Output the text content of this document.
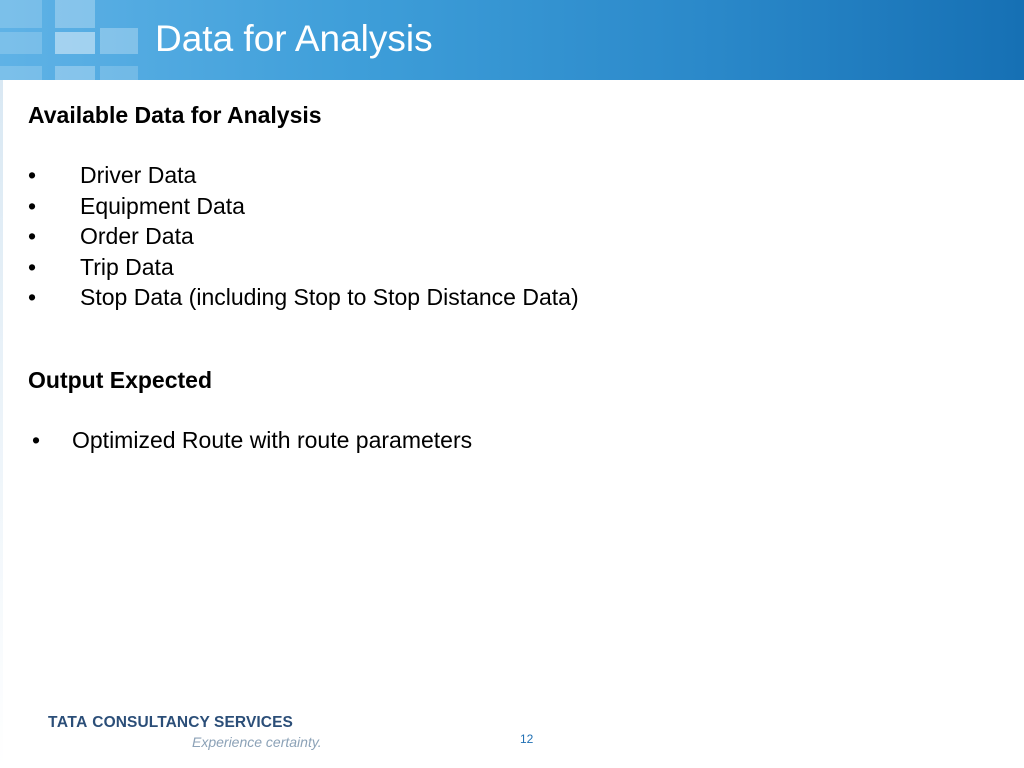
Data for Analysis
Available Data for Analysis
• Driver Data
• Equipment Data
• Order Data
• Trip Data
• Stop Data (including Stop to Stop Distance Data)
Output Expected
• Optimized Route with route parameters
TATA CONSULTANCY SERVICES
Experience certainty.	12
